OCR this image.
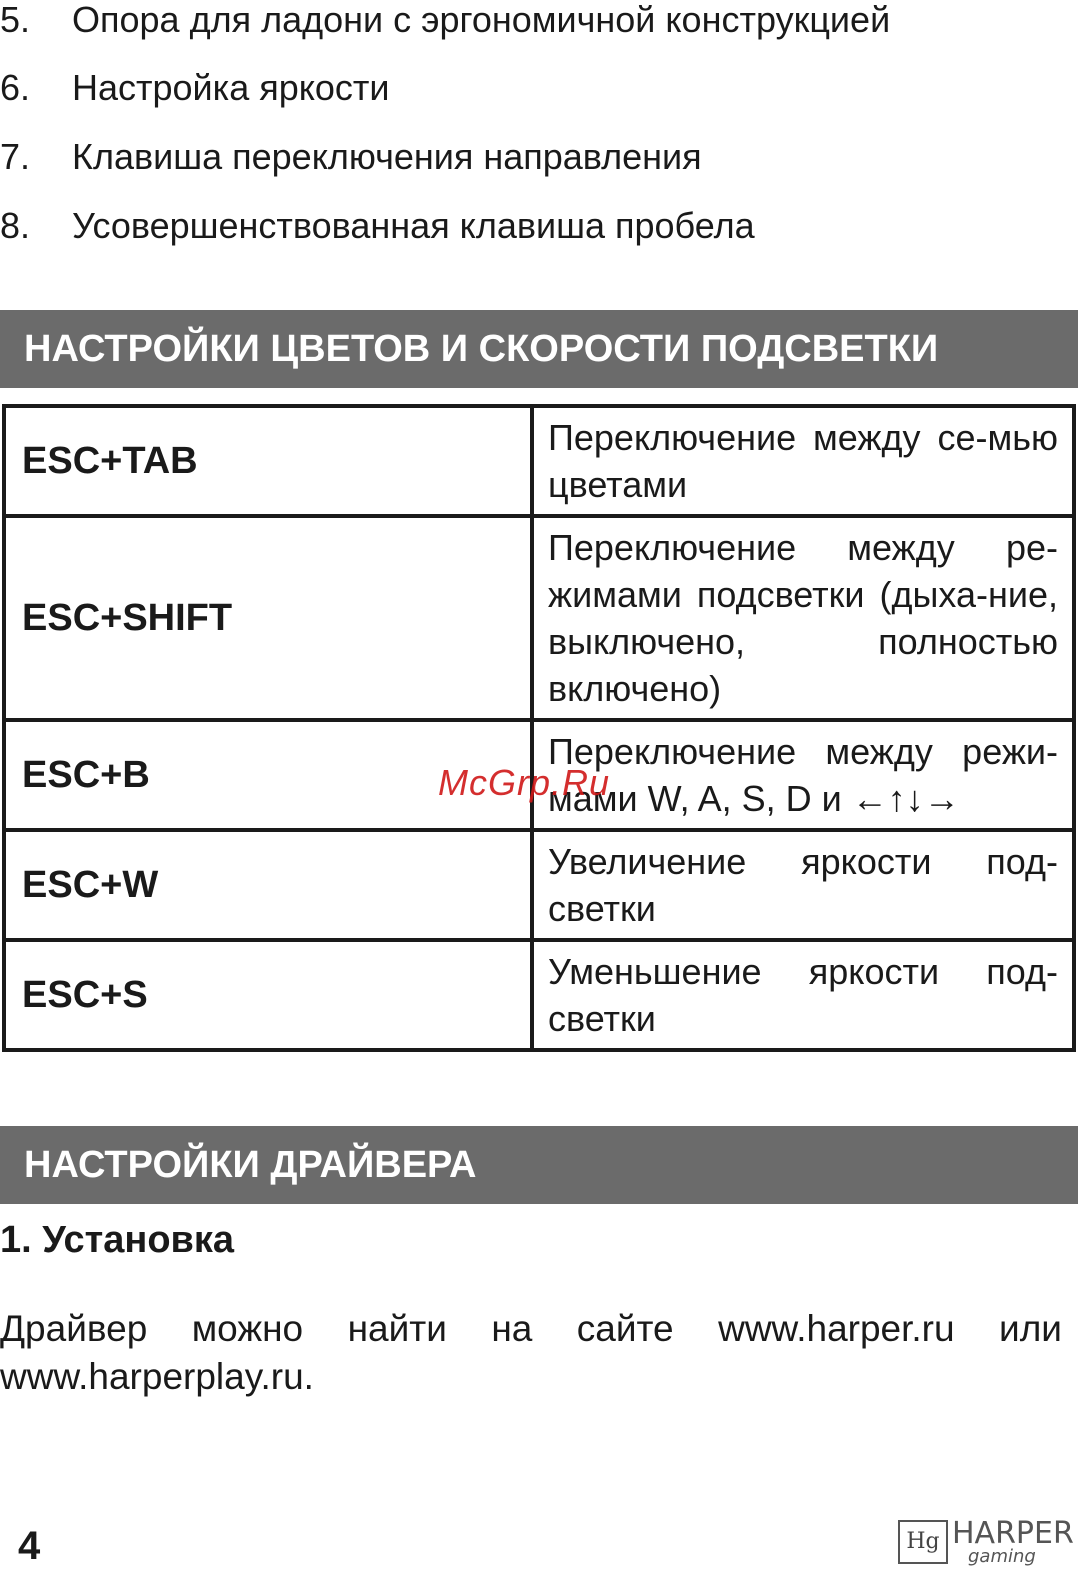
5. Опора для ладони с эргономичной конструкцией
6. Настройка яркости
7. Клавиша переключения направления
8. Усовершенствованная клавиша пробела
НАСТРОЙКИ ЦВЕТОВ И СКОРОСТИ ПОДСВЕТКИ
ESC+TAB	Переключение между се-мью цветами
ESC+SHIFT	Переключение между ре-жимами подсветки (дыха-ние, выключено, полностью включено)
ESC+B	Переключение между режи-мами W, A, S, D и ←↑↓→
ESC+W	Увеличение яркости под-светки
ESC+S	Уменьшение яркости под-светки
McGrp.Ru
НАСТРОЙКИ ДРАЙВЕРА
1. Установка
Драйвер можно найти на сайте www.harper.ru или
www.harperplay.ru.
4	Hg HARPER
gaming
